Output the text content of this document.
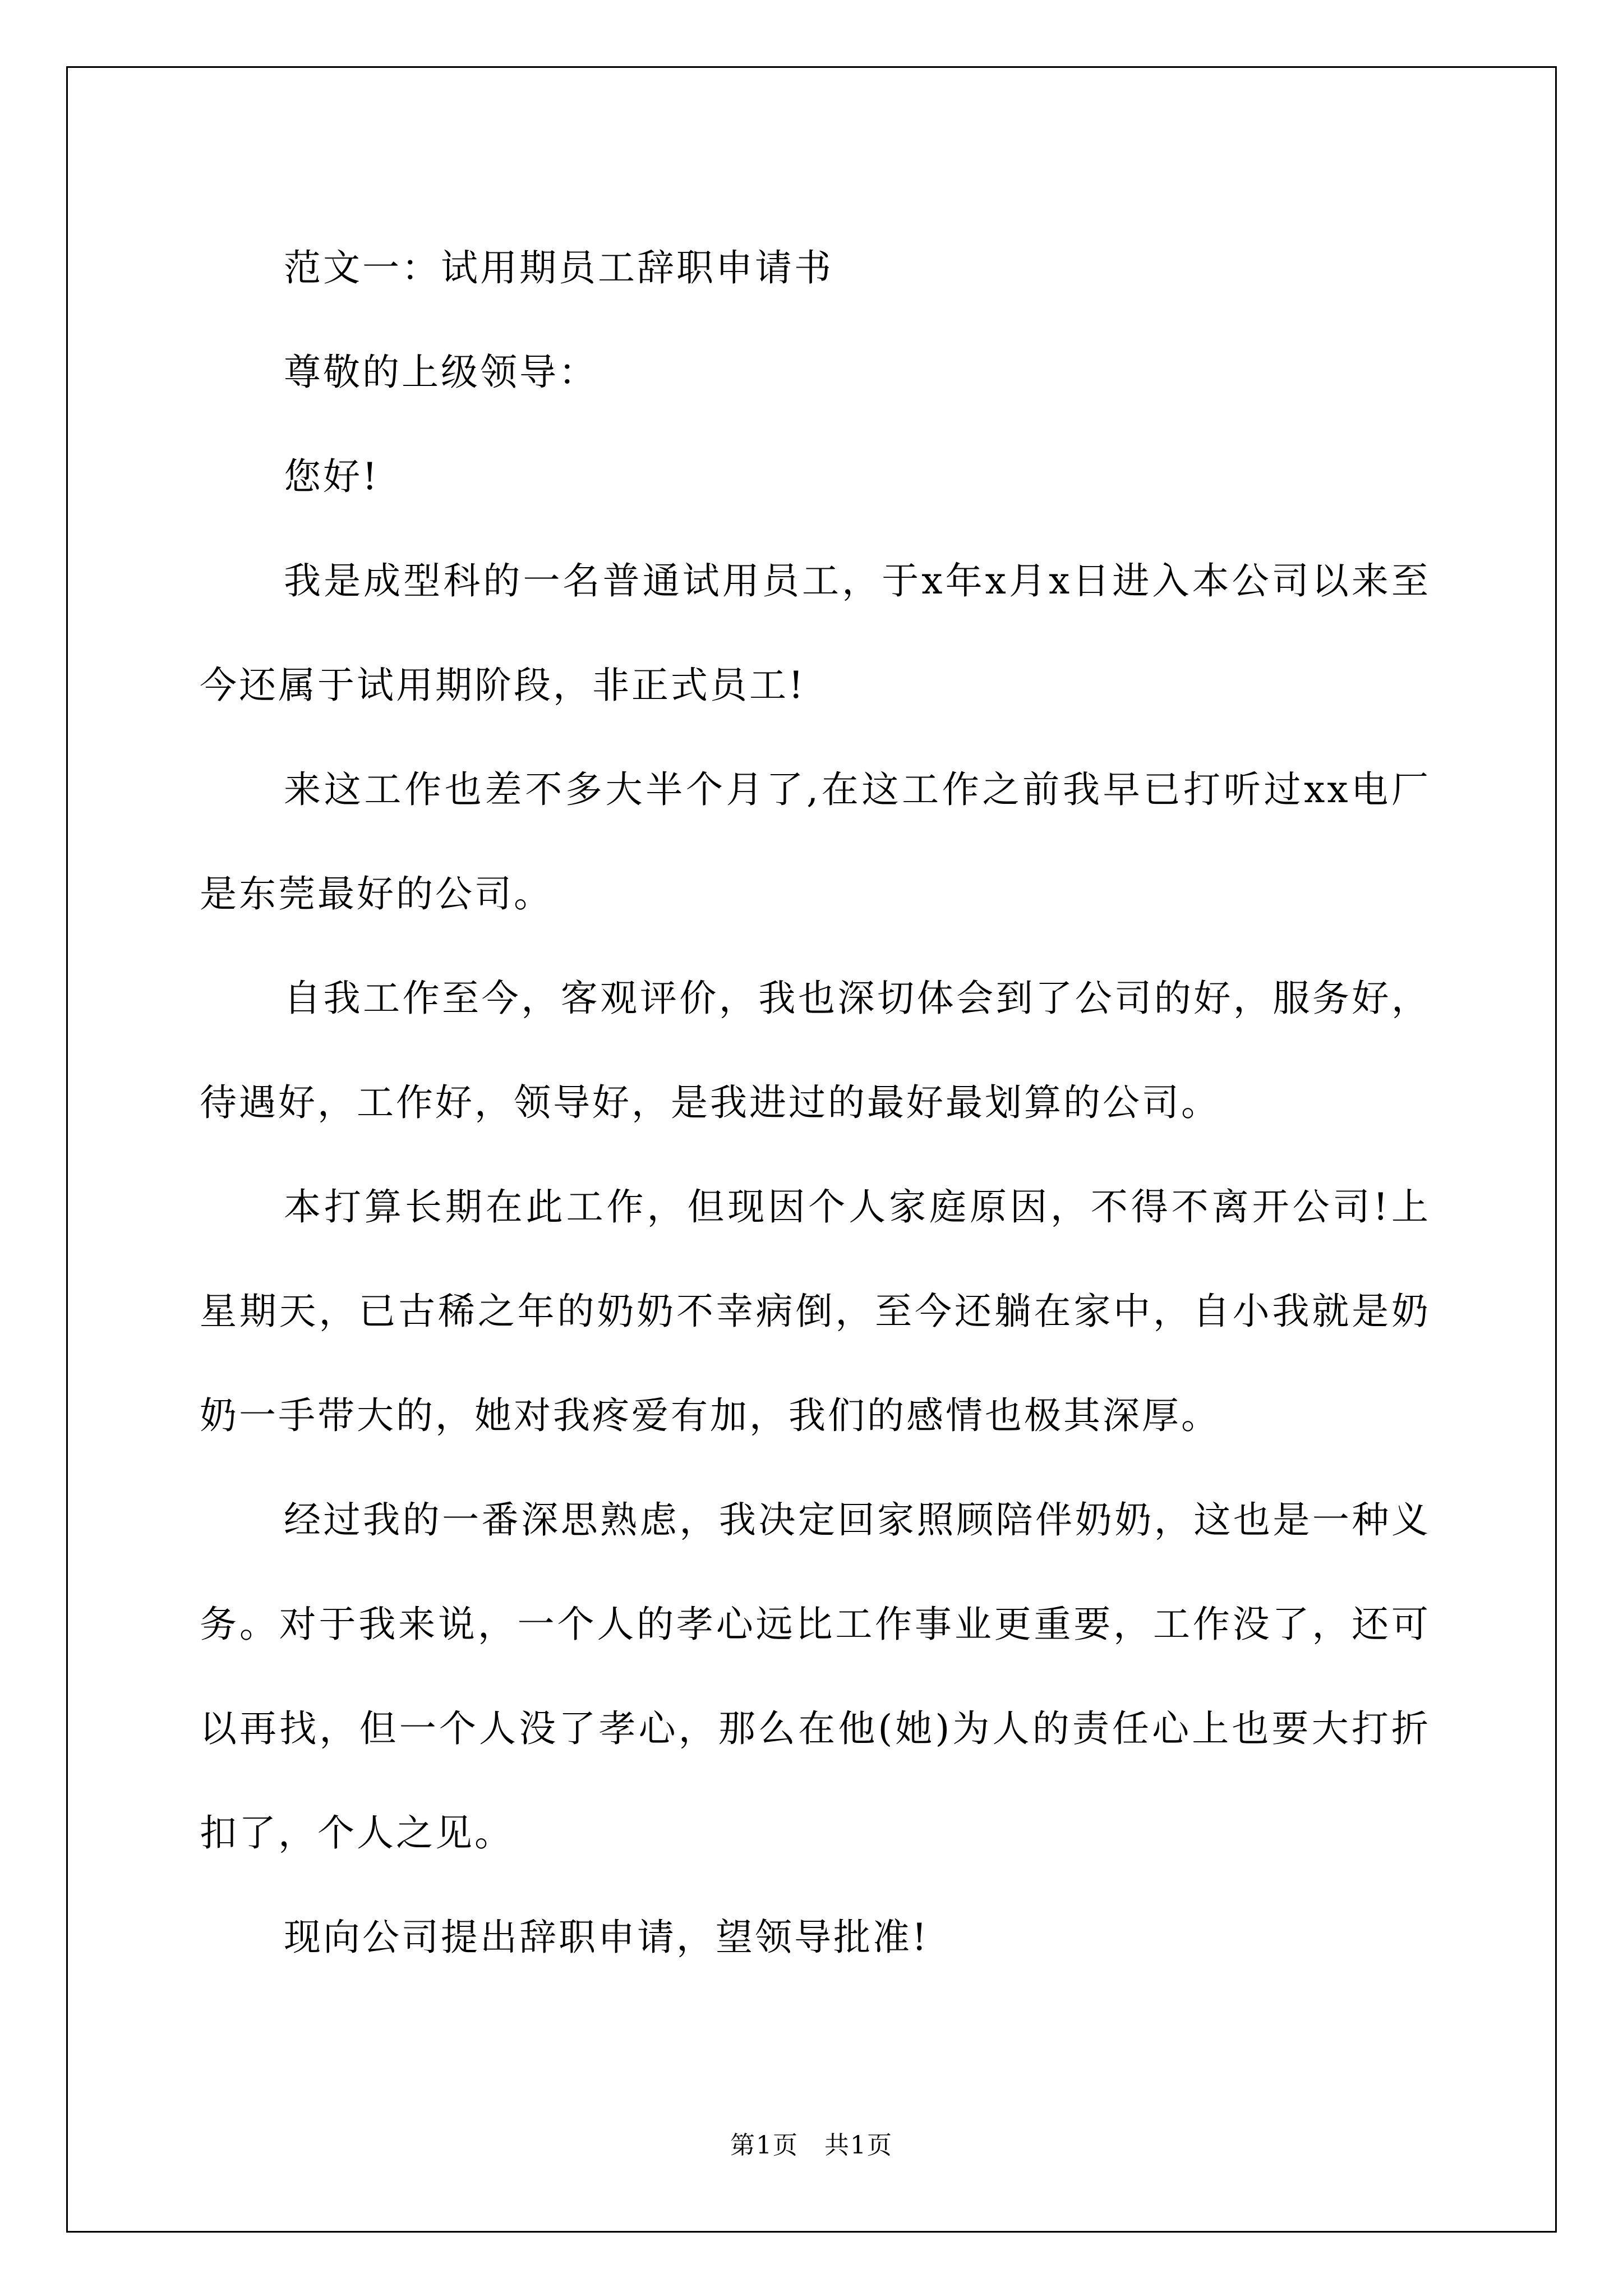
范文一：试用期员工辞职申请书

尊敬的上级领导：

您好!

我是成型科的一名普通试用员工，于x年x月x日进入本公司以来至今还属于试用期阶段，非正式员工!

来这工作也差不多大半个月了,在这工作之前我早已打听过xx电厂是东莞最好的公司。

自我工作至今，客观评价，我也深切体会到了公司的好，服务好，待遇好，工作好，领导好，是我进过的最好最划算的公司。

本打算长期在此工作，但现因个人家庭原因，不得不离开公司!上星期天，已古稀之年的奶奶不幸病倒，至今还躺在家中，自小我就是奶奶一手带大的，她对我疼爱有加，我们的感情也极其深厚。

经过我的一番深思熟虑，我决定回家照顾陪伴奶奶，这也是一种义务。对于我来说，一个人的孝心远比工作事业更重要，工作没了，还可以再找，但一个人没了孝心，那么在他(她)为人的责任心上也要大打折扣了，个人之见。

现向公司提出辞职申请，望领导批准!

第1页 共1页
